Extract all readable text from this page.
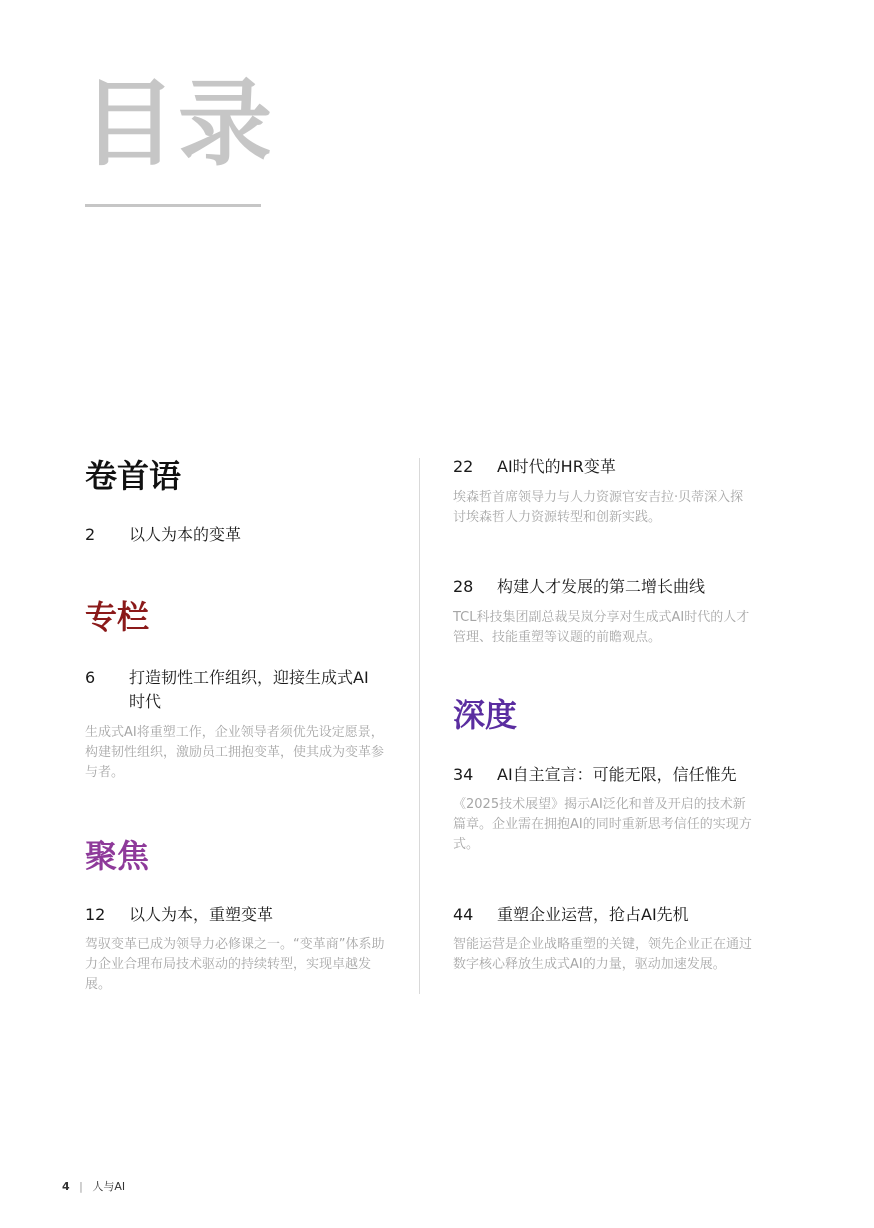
目录
卷首语
2 以人为本的变革
专栏
6 打造韧性工作组织，迎接生成式AI时代
生成式AI将重塑工作，企业领导者须优先设定愿景，构建韧性组织，激励员工拥抱变革，使其成为变革参与者。
聚焦
12 以人为本，重塑变革
驾驭变革已成为领导力必修课之一。“变革商”体系助力企业合理布局技术驱动的持续转型，实现卓越发展。
22 AI时代的HR变革
埃森哲首席领导力与人力资源官安吉拉·贝蒂深入探讨埃森哲人力资源转型和创新实践。
28 构建人才发展的第二增长曲线
TCL科技集团副总裁吴岚分享对生成式AI时代的人才管理、技能重塑等议题的前瞻观点。
深度
34 AI自主宣言：可能无限，信任惟先
《2025技术展望》揭示AI泛化和普及开启的技术新篇章。企业需在拥抱AI的同时重新思考信任的实现方式。
44 重塑企业运营，抢占AI先机
智能运营是企业战略重塑的关键，领先企业正在通过数字核心释放生成式AI的力量，驱动加速发展。
4 | 人与AI
